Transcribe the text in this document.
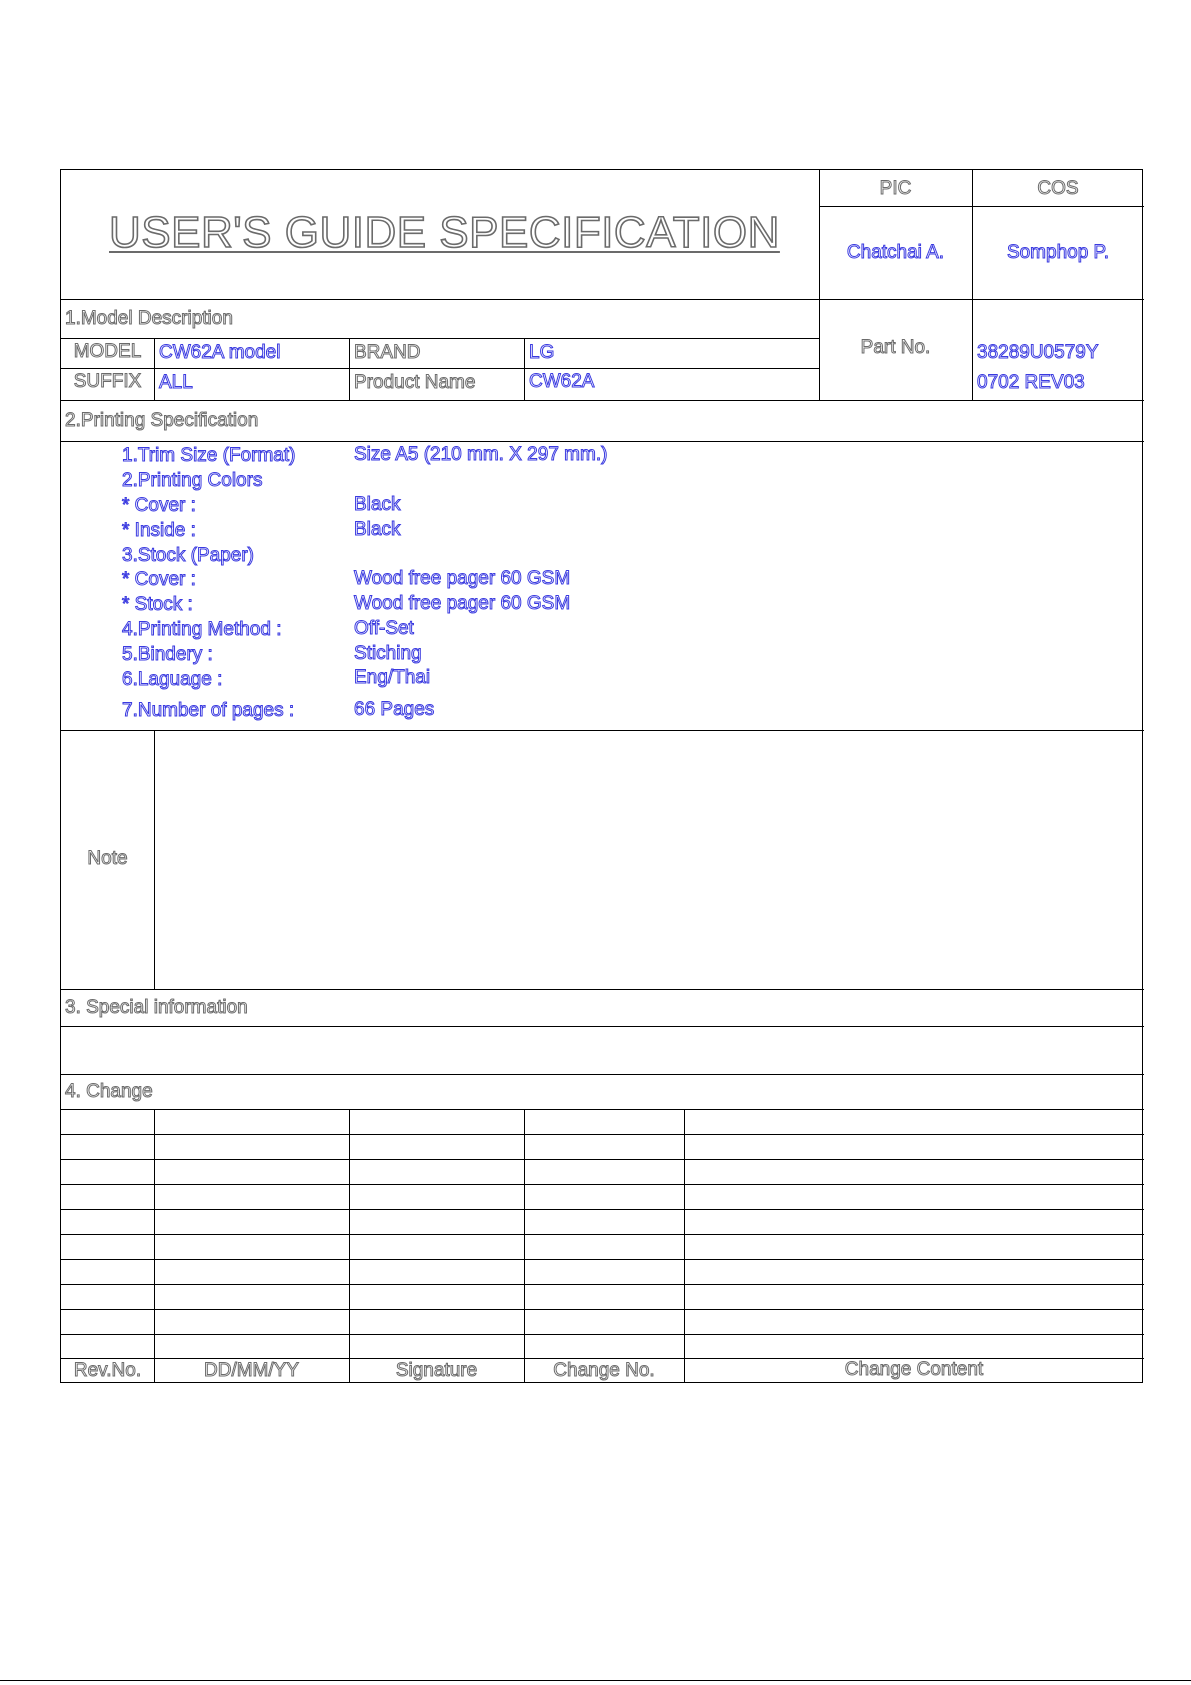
USER'S GUIDE SPECIFICATION
PIC	COS
Chatchai A.	Somphop P.
1.Model Description
MODEL CW62A model	BRAND	LG
SUFFIX ALL	Product Name	CW62A
Part No.	38289U0579Y
0702 REV03
2.Printing Specification
1.Trim Size (Format)	Size A5 (210 mm. X 297 mm.)
2.Printing Colors
* Cover :	Black
* Inside :	Black
3.Stock (Paper)
* Cover :	Wood free pager 60 GSM
* Stock :	Wood free pager 60 GSM
4.Printing Method :	Off-Set
5.Bindery :	Stiching
6.Laguage :	Eng/Thai
7.Number of pages :	66 Pages
Note
3. Special information
4. Change
Rev.No.	DD/MM/YY	Signature	Change No.	Change Content
